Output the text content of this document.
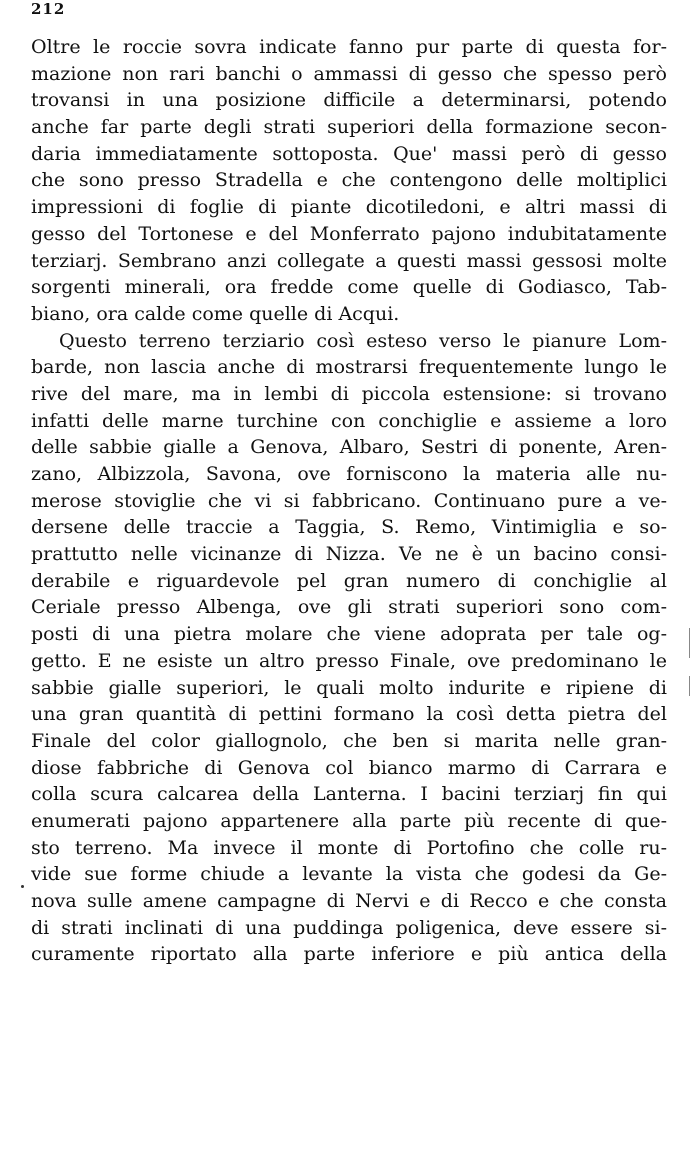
212
Oltre le roccie sovra indicate fanno pur parte di questa for-
mazione non rari banchi o ammassi di gesso che spesso però
trovansi in una posizione difficile a determinarsi, potendo
anche far parte degli strati superiori della formazione secon-
daria immediatamente sottoposta. Que' massi però di gesso
che sono presso Stradella e che contengono delle moltiplici
impressioni di foglie di piante dicotiledoni, e altri massi di
gesso del Tortonese e del Monferrato pajono indubitatamente
terziarj. Sembrano anzi collegate a questi massi gessosi molte
sorgenti minerali, ora fredde come quelle di Godiasco, Tab-
biano, ora calde come quelle di Acqui.
Questo terreno terziario così esteso verso le pianure Lom-
barde, non lascia anche di mostrarsi frequentemente lungo le
rive del mare, ma in lembi di piccola estensione: si trovano
infatti delle marne turchine con conchiglie e assieme a loro
delle sabbie gialle a Genova, Albaro, Sestri di ponente, Aren-
zano, Albizzola, Savona, ove forniscono la materia alle nu-
merose stoviglie che vi si fabbricano. Continuano pure a ve-
dersene delle traccie a Taggia, S. Remo, Vintimiglia e so-
prattutto nelle vicinanze di Nizza. Ve ne è un bacino consi-
derabile e riguardevole pel gran numero di conchiglie al
Ceriale presso Albenga, ove gli strati superiori sono com-
posti di una pietra molare che viene adoprata per tale og-
getto. E ne esiste un altro presso Finale, ove predominano le
sabbie gialle superiori, le quali molto indurite e ripiene di
una gran quantità di pettini formano la così detta pietra del
Finale del color giallognolo, che ben si marita nelle gran-
diose fabbriche di Genova col bianco marmo di Carrara e
colla scura calcarea della Lanterna. I bacini terziarj fin qui
enumerati pajono appartenere alla parte più recente di que-
sto terreno. Ma invece il monte di Portofino che colle ru-
vide sue forme chiude a levante la vista che godesi da Ge-
nova sulle amene campagne di Nervi e di Recco e che consta
di strati inclinati di una puddinga poligenica, deve essere si-
curamente riportato alla parte inferiore e più antica della
